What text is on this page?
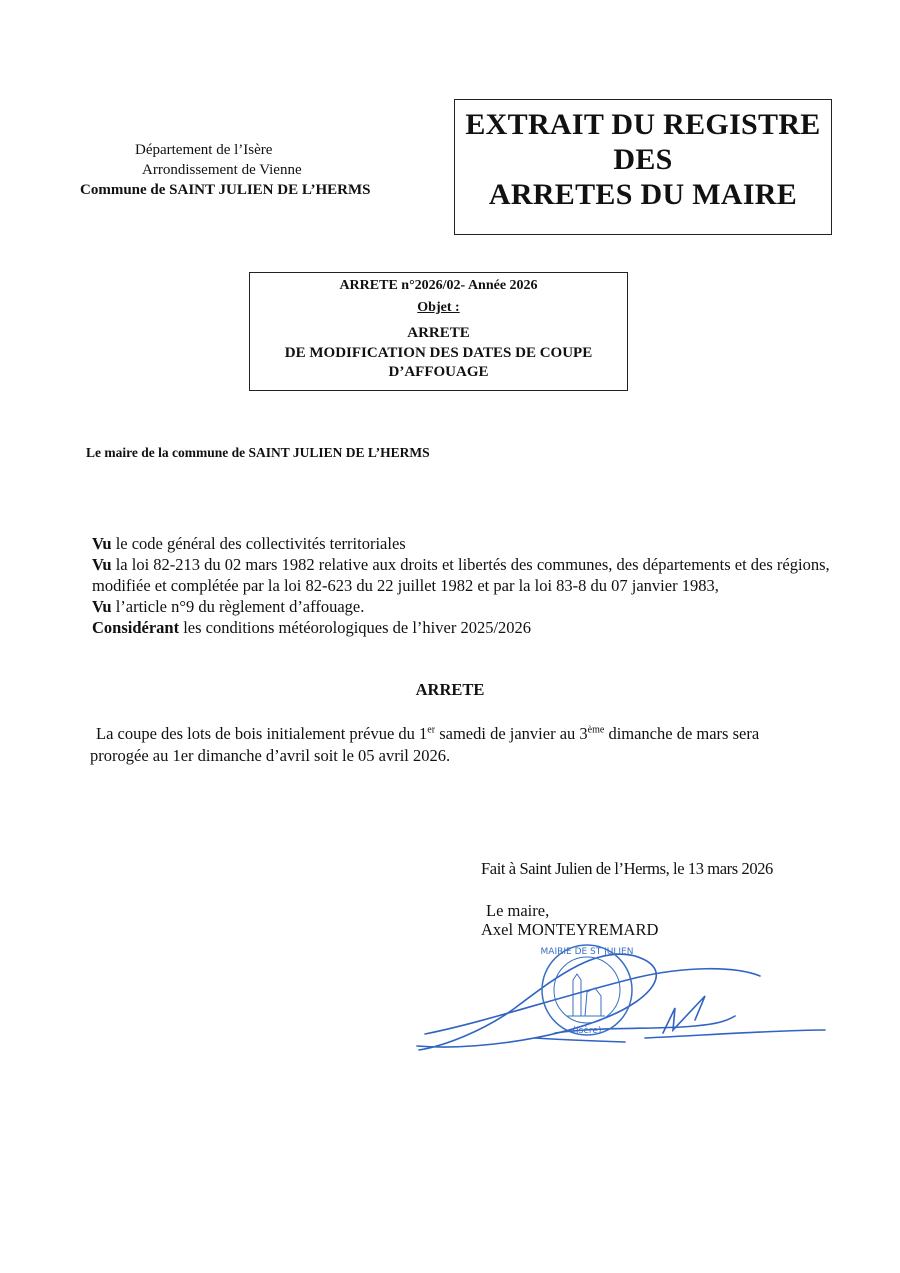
Département de l’Isère
Arrondissement de Vienne
Commune de SAINT JULIEN DE L’HERMS
EXTRAIT DU REGISTRE
DES
ARRETES DU MAIRE
ARRETE n°2026/02- Année 2026
Objet :
ARRETE
DE MODIFICATION DES DATES DE COUPE
D’AFFOUAGE
Le maire de la commune de SAINT JULIEN DE L’HERMS
Vu le code général des collectivités territoriales
Vu la loi 82-213 du 02 mars 1982 relative aux droits et libertés des communes, des départements et des régions, modifiée et complétée par la loi 82-623 du 22 juillet 1982 et par la loi 83-8 du 07 janvier 1983,
Vu l’article n°9 du règlement d’affouage.
Considérant les conditions météorologiques de l’hiver 2025/2026
ARRETE
La coupe des lots de bois initialement prévue du 1er samedi de janvier au 3ème dimanche de mars sera prorogée au 1er dimanche d’avril soit le 05 avril 2026.
Fait à Saint Julien de l’Herms, le 13 mars 2026
Le maire,
Axel MONTEYREMARD
MAIRIE DE ST JULIEN
(Isère)
